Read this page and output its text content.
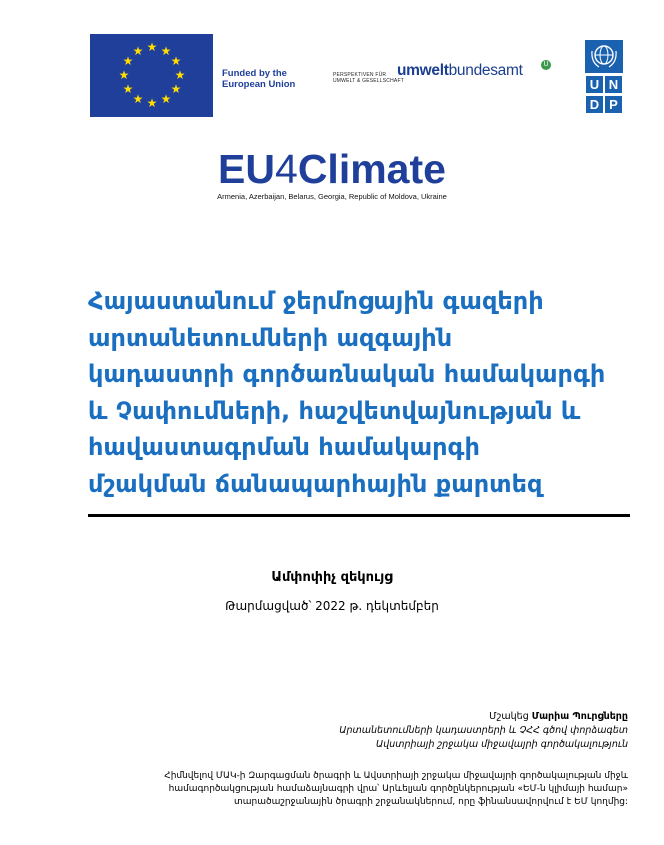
★ ★
★
★
★
★
★
★
★
★
★
★
Funded by the
European Union
PERSPEKTIVEN FÜR
UMWELT & GESELLSCHAFT
umweltbundesamt	U
U N
D P
EU4Climate
Armenia, Azerbaijan, Belarus, Georgia, Republic of Moldova, Ukraine
Հայաստանում ջերմոցային գազերի
արտանետումների ազգային
կադաստրի գործառնական համակարգի
և Չափումների, հաշվետվայնության և
հավաստագրման համակարգի
մշակման ճանապարհային քարտեզ
Ամփոփիչ զեկույց
Թարմացված՝ 2022 թ. դեկտեմբեր
Մշակեց Մարիա Պուրցները
Արտանետումների կադաստրերի և ՉՀՀ գծով փորձագետ
Ավստրիայի շրջակա միջավայրի գործակալություն
Հիմնվելով ՄԱԿ-ի Զարգացման ծրագրի և Ավստրիայի շրջակա միջավայրի գործակալության միջև
համագործակցության համաձայնագրի վրա՝ Արևելյան գործընկերության «ԵՄ-ն կլիմայի համար»
տարածաշրջանային ծրագրի շրջանակներում, որը ֆինանսավորվում է ԵՄ կողմից:
